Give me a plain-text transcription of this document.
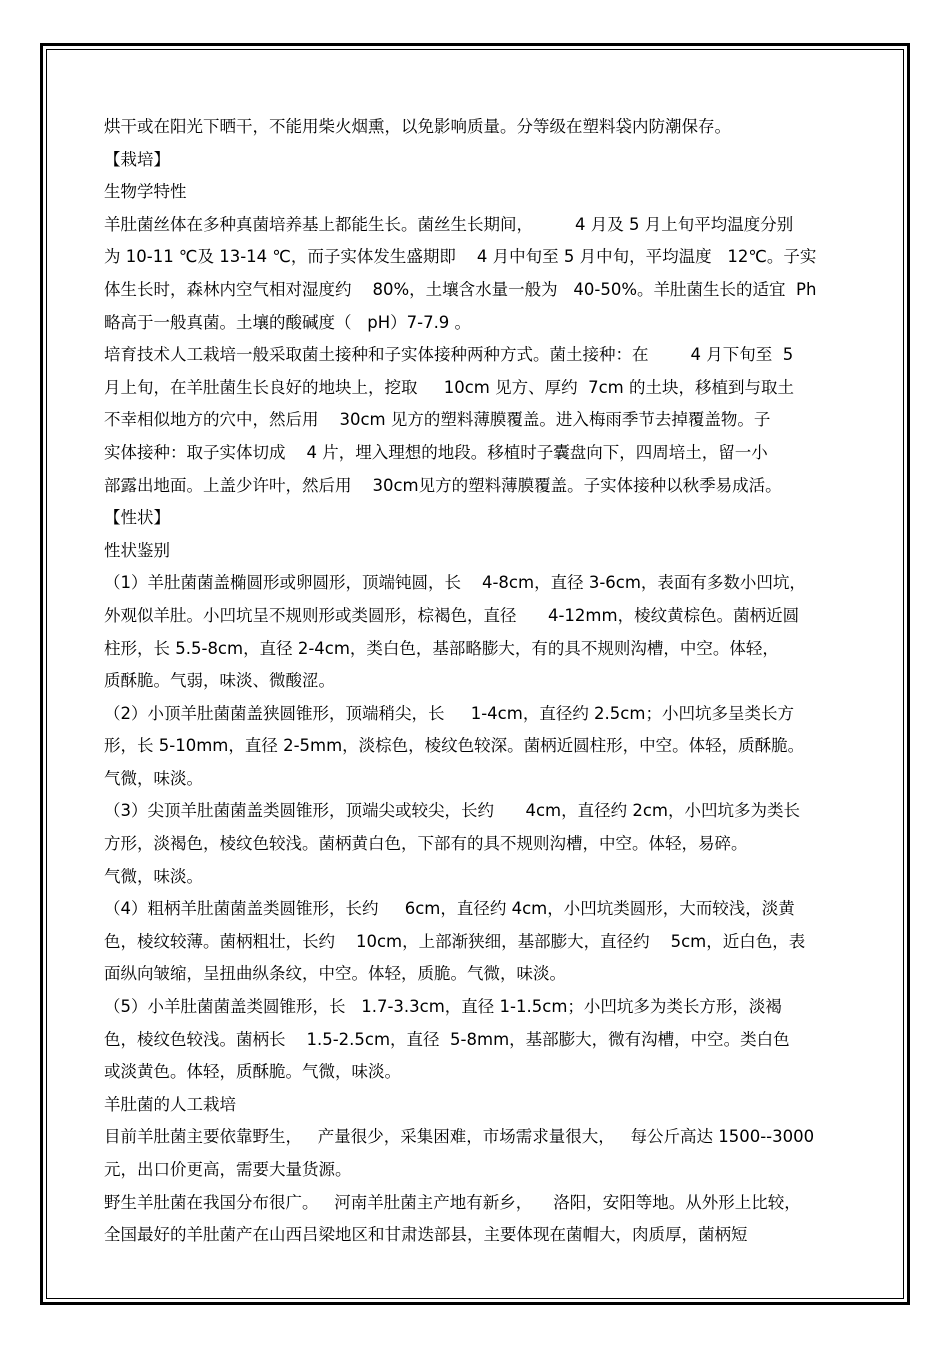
烘干或在阳光下晒干，不能用柴火烟熏，以免影响质量。分等级在塑料袋内防潮保存。
【栽培】
生物学特性
羊肚菌丝体在多种真菌培养基上都能生长。菌丝生长期间，        4 月及 5 月上旬平均温度分别
为 10-11 ℃及 13-14 ℃，而子实体发生盛期即    4 月中旬至 5 月中旬，平均温度   12℃。子实
体生长时，森林内空气相对湿度约    80%，土壤含水量一般为   40-50%。羊肚菌生长的适宜  Ph
略高于一般真菌。土壤的酸碱度（   pH）7-7.9 。
培育技术人工栽培一般采取菌土接种和子实体接种两种方式。菌土接种：在        4 月下旬至  5
月上旬，在羊肚菌生长良好的地块上，挖取     10cm 见方、厚约  7cm 的土块，移植到与取土
不幸相似地方的穴中，然后用    30cm 见方的塑料薄膜覆盖。进入梅雨季节去掉覆盖物。子
实体接种：取子实体切成    4 片，埋入理想的地段。移植时子囊盘向下，四周培土，留一小
部露出地面。上盖少许叶，然后用    30cm见方的塑料薄膜覆盖。子实体接种以秋季易成活。
【性状】
性状鉴别
（1）羊肚菌菌盖椭圆形或卵圆形，顶端钝圆，长    4-8cm，直径 3-6cm，表面有多数小凹坑，
外观似羊肚。小凹坑呈不规则形或类圆形，棕褐色，直径      4-12mm，棱纹黄棕色。菌柄近圆
柱形，长 5.5-8cm，直径 2-4cm，类白色，基部略膨大，有的具不规则沟槽，中空。体轻，
质酥脆。气弱，味淡、微酸涩。
（2）小顶羊肚菌菌盖狭圆锥形，顶端稍尖，长     1-4cm，直径约 2.5cm；小凹坑多呈类长方
形，长 5-10mm，直径 2-5mm，淡棕色，棱纹色较深。菌柄近圆柱形，中空。体轻，质酥脆。
气微，味淡。
（3）尖顶羊肚菌菌盖类圆锥形，顶端尖或较尖，长约      4cm，直径约 2cm，小凹坑多为类长
方形，淡褐色，棱纹色较浅。菌柄黄白色，下部有的具不规则沟槽，中空。体轻，易碎。
气微，味淡。
（4）粗柄羊肚菌菌盖类圆锥形，长约     6cm，直径约 4cm，小凹坑类圆形，大而较浅，淡黄
色，棱纹较薄。菌柄粗壮，长约    10cm，上部渐狭细，基部膨大，直径约    5cm，近白色，表
面纵向皱缩，呈扭曲纵条纹，中空。体轻，质脆。气微，味淡。
（5）小羊肚菌菌盖类圆锥形，长   1.7-3.3cm，直径 1-1.5cm；小凹坑多为类长方形，淡褐
色，棱纹色较浅。菌柄长    1.5-2.5cm，直径  5-8mm，基部膨大，微有沟槽，中空。类白色
或淡黄色。体轻，质酥脆。气微，味淡。
羊肚菌的人工栽培
目前羊肚菌主要依靠野生，   产量很少，采集困难，市场需求量很大，   每公斤高达 1500--3000
元，出口价更高，需要大量货源。
野生羊肚菌在我国分布很广。   河南羊肚菌主产地有新乡，    洛阳，安阳等地。从外形上比较，
全国最好的羊肚菌产在山西吕梁地区和甘肃迭部县，主要体现在菌帽大，肉质厚，菌柄短
